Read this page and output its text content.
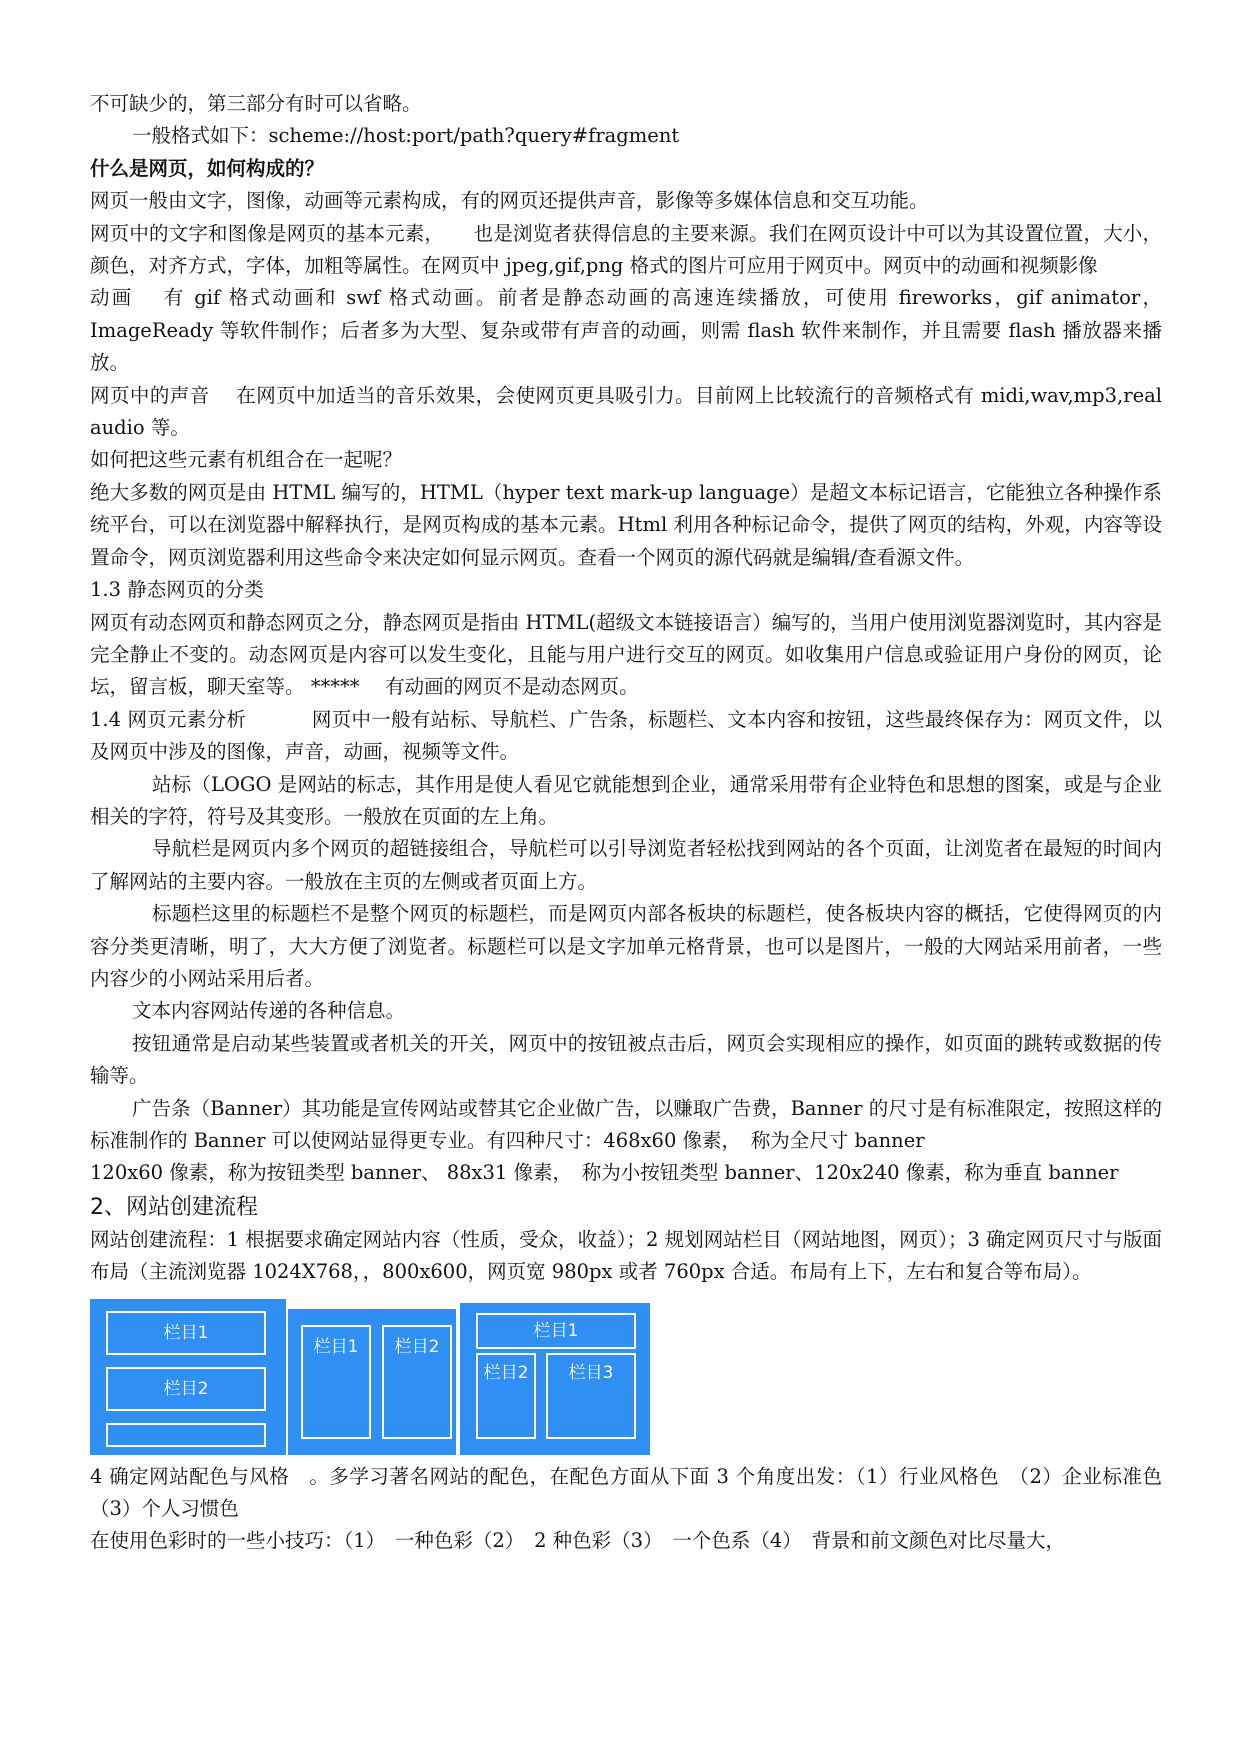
不可缺少的，第三部分有时可以省略。

一般格式如下：scheme://host:port/path?query#fragment

什么是网页，如何构成的？

网页一般由文字，图像，动画等元素构成，有的网页还提供声音，影像等多媒体信息和交互功能。

网页中的文字和图像是网页的基本元素，　　也是浏览者获得信息的主要来源。我们在网页设计中可以为其设置位置，大小，颜色，对齐方式，字体，加粗等属性。在网页中 jpeg,gif,png 格式的图片可应用于网页中。网页中的动画和视频影像

动画　 有 gif 格式动画和 swf 格式动画。前者是静态动画的高速连续播放，可使用 fireworks，gif animator，ImageReady 等软件制作；后者多为大型、复杂或带有声音的动画，则需 flash 软件来制作，并且需要 flash 播放器来播放。

网页中的声音　 在网页中加适当的音乐效果，会使网页更具吸引力。目前网上比较流行的音频格式有 midi,wav,mp3,real audio 等。

如何把这些元素有机组合在一起呢？

绝大多数的网页是由 HTML 编写的，HTML（hyper text mark-up language）是超文本标记语言，它能独立各种操作系统平台，可以在浏览器中解释执行，是网页构成的基本元素。Html 利用各种标记命令，提供了网页的结构，外观，内容等设置命令，网页浏览器利用这些命令来决定如何显示网页。查看一个网页的源代码就是编辑/查看源文件。

1.3 静态网页的分类

网页有动态网页和静态网页之分，静态网页是指由 HTML(超级文本链接语言）编写的，当用户使用浏览器浏览时，其内容是完全静止不变的。动态网页是内容可以发生变化，且能与用户进行交互的网页。如收集用户信息或验证用户身份的网页，论坛，留言板，聊天室等。 *****　 有动画的网页不是动态网页。

1.4 网页元素分析　　　 网页中一般有站标、导航栏、广告条，标题栏、文本内容和按钮，这些最终保存为：网页文件，以及网页中涉及的图像，声音，动画，视频等文件。

站标（LOGO 是网站的标志，其作用是使人看见它就能想到企业，通常采用带有企业特色和思想的图案，或是与企业相关的字符，符号及其变形。一般放在页面的左上角。

导航栏是网页内多个网页的超链接组合，导航栏可以引导浏览者轻松找到网站的各个页面，让浏览者在最短的时间内了解网站的主要内容。一般放在主页的左侧或者页面上方。

标题栏这里的标题栏不是整个网页的标题栏，而是网页内部各板块的标题栏，使各板块内容的概括，它使得网页的内容分类更清晰，明了，大大方便了浏览者。标题栏可以是文字加单元格背景，也可以是图片，一般的大网站采用前者，一些内容少的小网站采用后者。

文本内容网站传递的各种信息。

按钮通常是启动某些装置或者机关的开关，网页中的按钮被点击后，网页会实现相应的操作，如页面的跳转或数据的传输等。

广告条（Banner）其功能是宣传网站或替其它企业做广告，以赚取广告费，Banner 的尺寸是有标准限定，按照这样的标准制作的 Banner 可以使网站显得更专业。有四种尺寸：468x60 像素，　称为全尺寸 banner

120x60 像素，称为按钮类型 banner、 88x31 像素，　称为小按钮类型 banner、120x240 像素，称为垂直 banner

2、网站创建流程

网站创建流程：1 根据要求确定网站内容（性质，受众，收益）；2 规划网站栏目（网站地图，网页）；3 确定网页尺寸与版面布局（主流浏览器 1024X768，，800x600，网页宽 980px 或者 760px 合适。布局有上下，左右和复合等布局）。

栏目1
栏目2
栏目1	栏目2
栏目1
栏目2	栏目3

4 确定网站配色与风格　。多学习著名网站的配色，在配色方面从下面 3 个角度出发：（1）行业风格色　（2）企业标准色（3）个人习惯色

在使用色彩时的一些小技巧：（1）　一种色彩（2）　2 种色彩（3）　一个色系（4）　背景和前文颜色对比尽量大，
